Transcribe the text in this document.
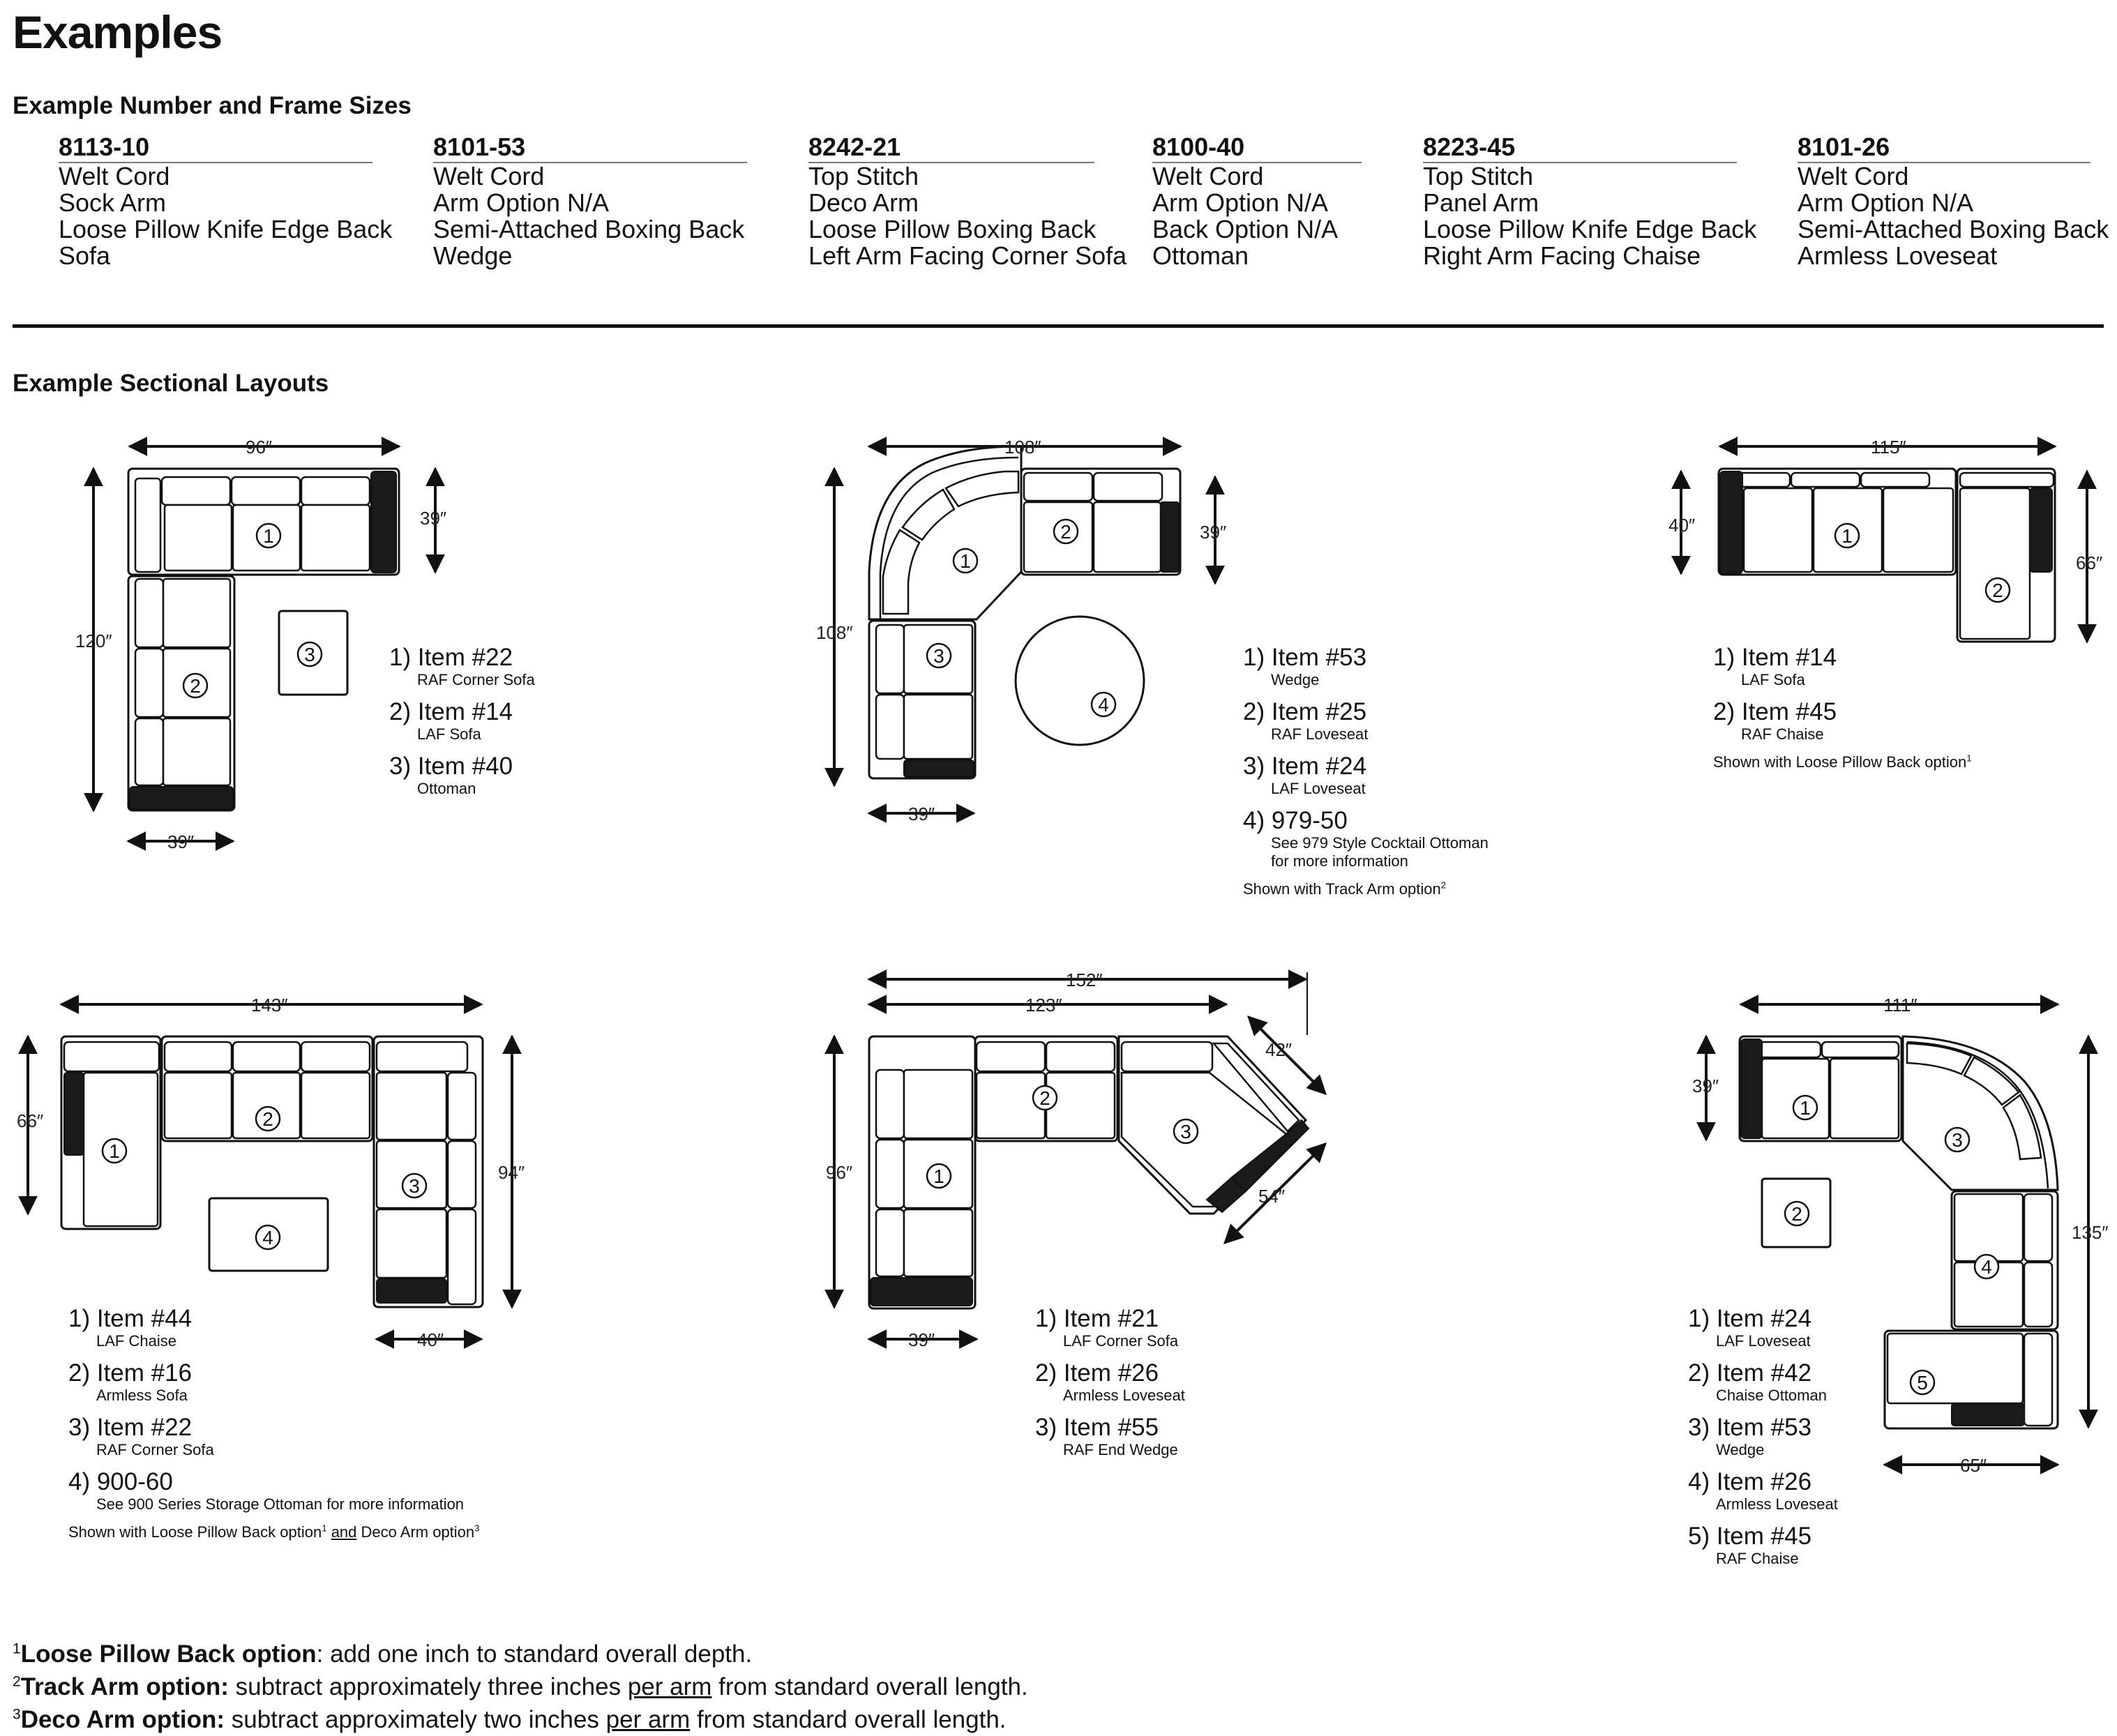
Examples
Example Number and Frame Sizes
8113-10
Welt Cord
Sock Arm
Loose Pillow Knife Edge Back
Sofa
8101-53
Welt Cord
Arm Option N/A
Semi-Attached Boxing Back
Wedge
8242-21
Top Stitch
Deco Arm
Loose Pillow Boxing Back
Left Arm Facing Corner Sofa
8100-40
Welt Cord
Arm Option N/A
Back Option N/A
Ottoman
8223-45
Top Stitch
Panel Arm
Loose Pillow Knife Edge Back
Right Arm Facing Chaise
8101-26
Welt Cord
Arm Option N/A
Semi-Attached Boxing Back
Armless Loveseat
Example Sectional Layouts
96″
39″
120″
39″
1
2
3
108″
39″
108″
39″
1
2
3
4
115″
40″
66″
1
2
143″
66″
94″
40″
1
2
3
4
152″
123″
42″
96″
54″
39″
1
2
3
111″
39″
135″
65″
1
2
3
4
5
1) Item #22
RAF Corner Sofa
2) Item #14
LAF Sofa
3) Item #40
Ottoman
1) Item #53
Wedge
2) Item #25
RAF Loveseat
3) Item #24
LAF Loveseat
4) 979-50
See 979 Style Cocktail Ottoman
for more information
Shown with Track Arm option$^2$
1) Item #14
LAF Sofa
2) Item #45
RAF Chaise
Shown with Loose Pillow Back option$^1$
1) Item #44
LAF Chaise
2) Item #16
Armless Sofa
3) Item #22
RAF Corner Sofa
4) 900-60
See 900 Series Storage Ottoman for more information
Shown with Loose Pillow Back option$^1$ and Deco Arm option$^3$
1) Item #21
LAF Corner Sofa
2) Item #26
Armless Loveseat
3) Item #55
RAF End Wedge
1) Item #24
LAF Loveseat
2) Item #42
Chaise Ottoman
3) Item #53
Wedge
4) Item #26
Armless Loveseat
5) Item #45
RAF Chaise
$^1$Loose Pillow Back option: add one inch to standard overall depth.
$^2$Track Arm option: subtract approximately three inches per arm from standard overall length.
$^3$Deco Arm option: subtract approximately two inches per arm from standard overall length.
